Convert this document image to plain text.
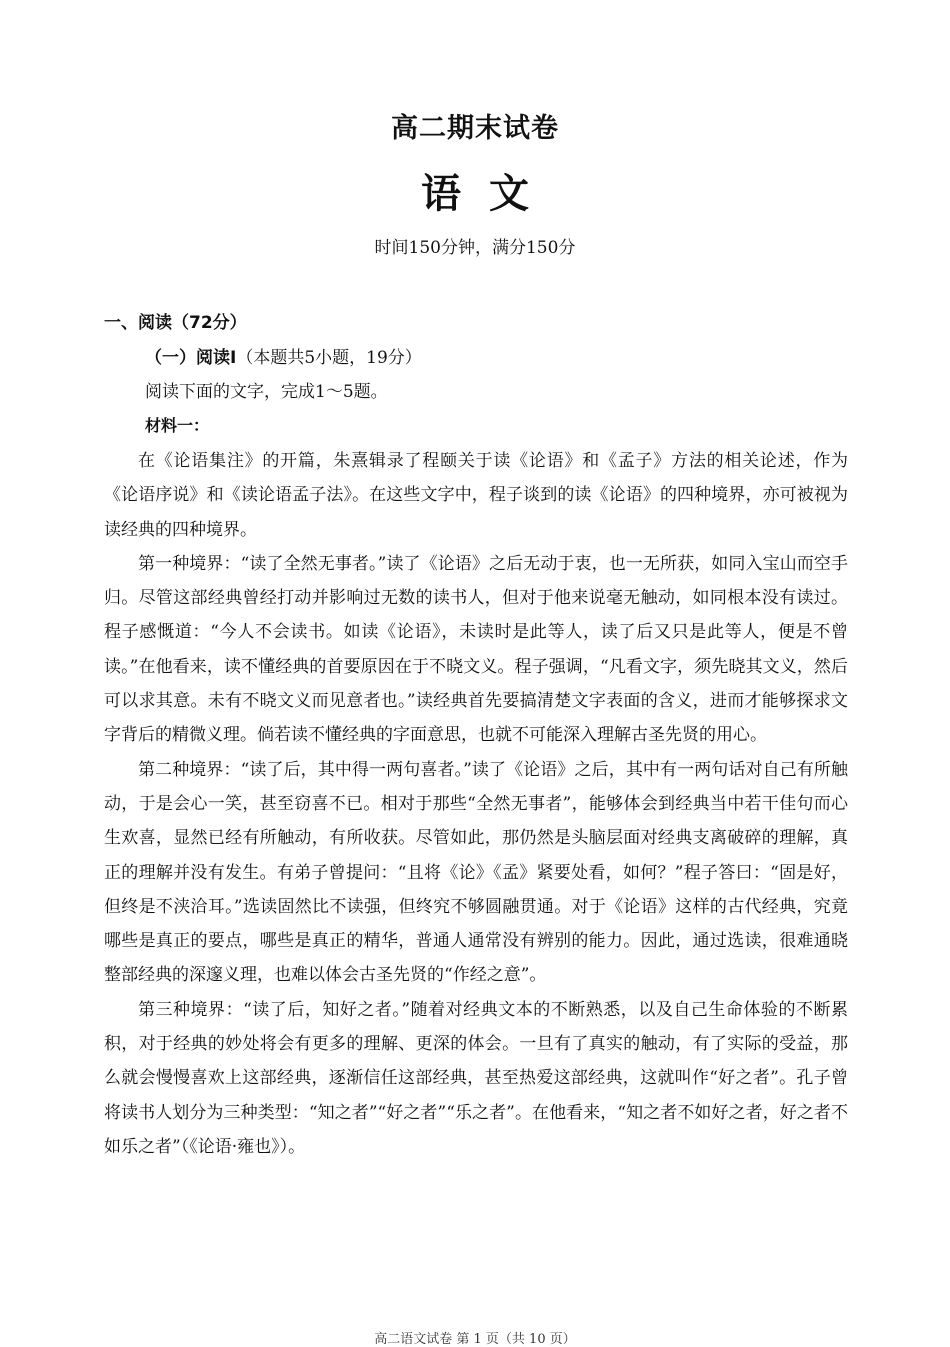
高二期末试卷
语 文
时间150分钟，满分150分
一、阅读（72分）
（一）阅读Ⅰ（本题共5小题，19分）
阅读下面的文字，完成1～5题。
材料一：

在《论语集注》的开篇，朱熹辑录了程颐关于读《论语》和《孟子》方法的相关论述，作为《论语序说》和《读论语孟子法》。在这些文字中，程子谈到的读《论语》的四种境界，亦可被视为读经典的四种境界。

第一种境界：“读了全然无事者。”读了《论语》之后无动于衷，也一无所获，如同入宝山而空手归。尽管这部经典曾经打动并影响过无数的读书人，但对于他来说毫无触动，如同根本没有读过。程子感慨道：“今人不会读书。如读《论语》，未读时是此等人，读了后又只是此等人，便是不曾读。”在他看来，读不懂经典的首要原因在于不晓文义。程子强调，“凡看文字，须先晓其文义，然后可以求其意。未有不晓文义而见意者也。”读经典首先要搞清楚文字表面的含义，进而才能够探求文字背后的精微义理。倘若读不懂经典的字面意思，也就不可能深入理解古圣先贤的用心。

第二种境界：“读了后，其中得一两句喜者。”读了《论语》之后，其中有一两句话对自己有所触动，于是会心一笑，甚至窃喜不已。相对于那些“全然无事者”，能够体会到经典当中若干佳句而心生欢喜，显然已经有所触动，有所收获。尽管如此，那仍然是头脑层面对经典支离破碎的理解，真正的理解并没有发生。有弟子曾提问：“且将《论》《孟》紧要处看，如何？”程子答曰：“固是好，但终是不浃洽耳。”选读固然比不读强，但终究不够圆融贯通。对于《论语》这样的古代经典，究竟哪些是真正的要点，哪些是真正的精华，普通人通常没有辨别的能力。因此，通过选读，很难通晓整部经典的深邃义理，也难以体会古圣先贤的“作经之意”。

第三种境界：“读了后，知好之者。”随着对经典文本的不断熟悉，以及自己生命体验的不断累积，对于经典的妙处将会有更多的理解、更深的体会。一旦有了真实的触动，有了实际的受益，那么就会慢慢喜欢上这部经典，逐渐信任这部经典，甚至热爱这部经典，这就叫作“好之者”。孔子曾将读书人划分为三种类型：“知之者”“好之者”“乐之者”。在他看来，“知之者不如好之者，好之者不如乐之者”（《论语·雍也》）。

高二语文试卷 第 1 页（共 10 页）
